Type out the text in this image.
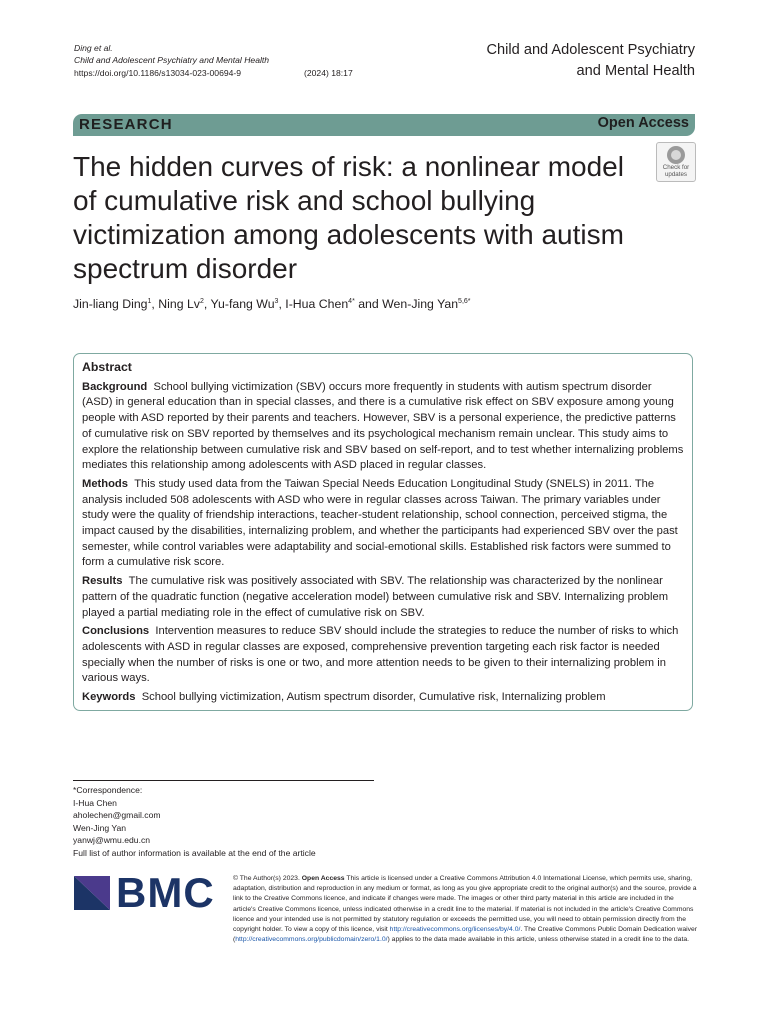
Ding et al.
Child and Adolescent Psychiatry and Mental Health
(2024) 18:17
https://doi.org/10.1186/s13034-023-00694-9
Child and Adolescent Psychiatry
and Mental Health
RESEARCH	Open Access
The hidden curves of risk: a nonlinear model of cumulative risk and school bullying victimization among adolescents with autism spectrum disorder
Check for
updates
Jin-liang Ding$^1$, Ning Lv$^2$, Yu-fang Wu$^3$, I-Hua Chen$^{4*}$ and Wen-Jing Yan$^{5,6*}$
Abstract

Background School bullying victimization (SBV) occurs more frequently in students with autism spectrum disorder (ASD) in general education than in special classes, and there is a cumulative risk effect on SBV exposure among young people with ASD reported by their parents and teachers. However, SBV is a personal experience, the predictive patterns of cumulative risk on SBV reported by themselves and its psychological mechanism remain unclear. This study aims to explore the relationship between cumulative risk and SBV based on self-report, and to test whether internalizing problems mediates this relationship among adolescents with ASD placed in regular classes.

Methods This study used data from the Taiwan Special Needs Education Longitudinal Study (SNELS) in 2011. The analysis included 508 adolescents with ASD who were in regular classes across Taiwan. The primary variables under study were the quality of friendship interactions, teacher-student relationship, school connection, perceived stigma, the impact caused by the disabilities, internalizing problem, and whether the participants had experienced SBV over the past semester, while control variables were adaptability and social-emotional skills. Established risk factors were summed to form a cumulative risk score.

Results The cumulative risk was positively associated with SBV. The relationship was characterized by the nonlinear pattern of the quadratic function (negative acceleration model) between cumulative risk and SBV. Internalizing problem played a partial mediating role in the effect of cumulative risk on SBV.

Conclusions Intervention measures to reduce SBV should include the strategies to reduce the number of risks to which adolescents with ASD in regular classes are exposed, comprehensive prevention targeting each risk factor is needed specially when the number of risks is one or two, and more attention needs to be given to their internalizing problem in various ways.

Keywords School bullying victimization, Autism spectrum disorder, Cumulative risk, Internalizing problem

*Correspondence:
I-Hua Chen
aholechen@gmail.com
Wen-Jing Yan
yanwj@wmu.edu.cn
Full list of author information is available at the end of the article
BMC	© The Author(s) 2023. Open Access This article is licensed under a Creative Commons Attribution 4.0 International License, which permits use, sharing, adaptation, distribution and reproduction in any medium or format, as long as you give appropriate credit to the original author(s) and the source, provide a link to the Creative Commons licence, and indicate if changes were made. The images or other third party material in this article are included in the article's Creative Commons licence, unless indicated otherwise in a credit line to the material. If material is not included in the article's Creative Commons licence and your intended use is not permitted by statutory regulation or exceeds the permitted use, you will need to obtain permission directly from the copyright holder. To view a copy of this licence, visit http://creativecommons.org/licenses/by/4.0/. The Creative Commons Public Domain Dedication waiver (http://creativecommons.org/publicdomain/zero/1.0/) applies to the data made available in this article, unless otherwise stated in a credit line to the data.
